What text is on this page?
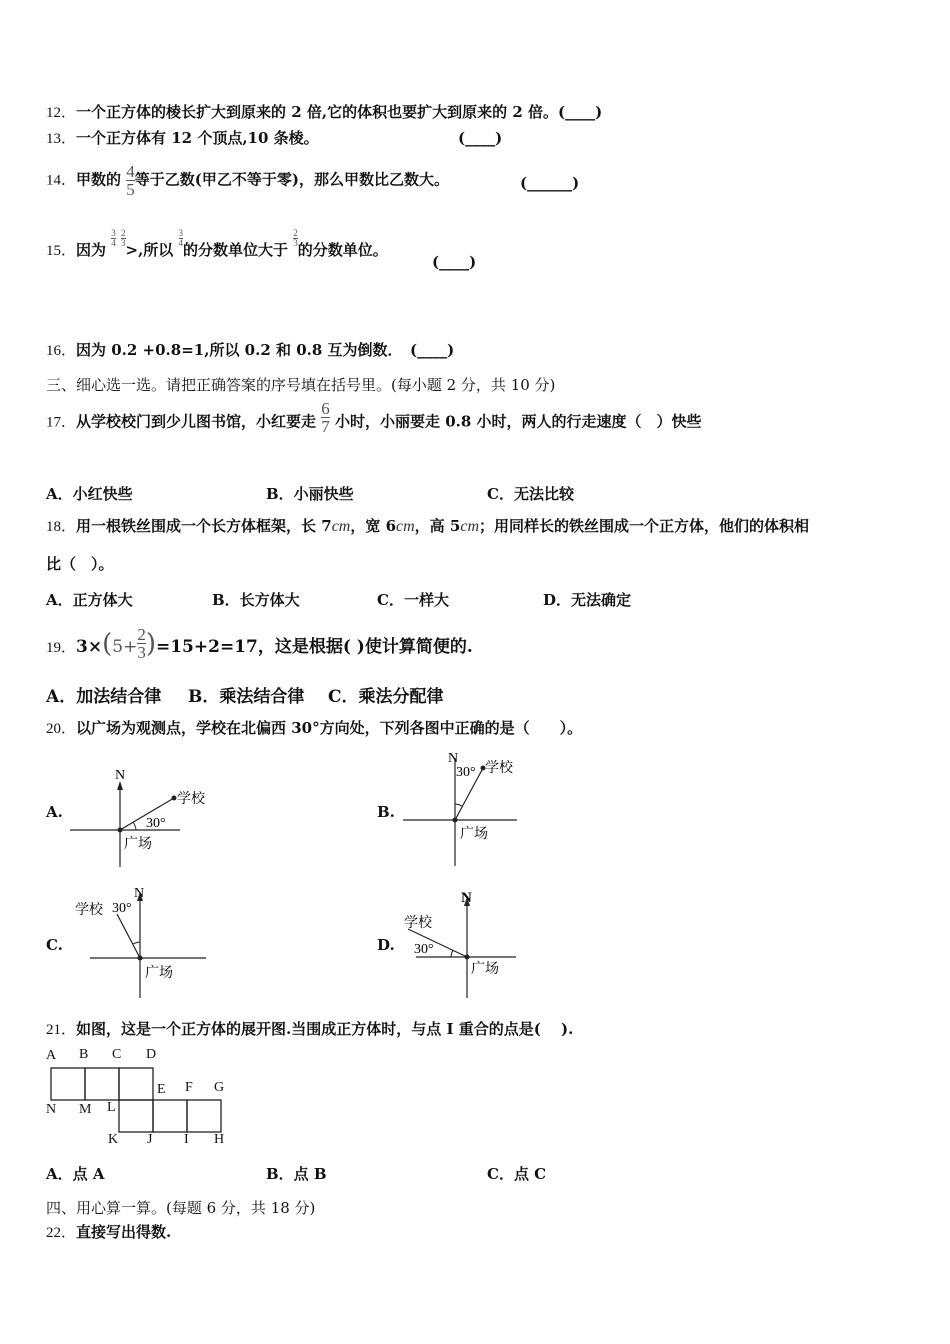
12．一个正方体的棱长扩大到原来的 2 倍,它的体积也要扩大到原来的 2 倍。(____)
13．一个正方体有 12 个顶点,10 条棱。	(____)
14．甲数的 $\frac{4}{5}$ 等于乙数(甲乙不等于零)，那么甲数比乙数大。	(______)
15．因为
$\frac{3}{4}$
$\frac{2}{3}$
>,所以
$\frac{3}{4}$
的分数单位大于
$\frac{2}{3}$
的分数单位。
(____)
16．因为 0.2 +0.8=1,所以 0.2 和 0.8 互为倒数． (____)
三、细心选一选。请把正确答案的序号填在括号里。(每小题 2 分，共 10 分)
17．从学校校门到少儿图书馆，小红要走 $\frac{6}{7}$ 小时，小丽要走 0.8 小时，两人的行走速度（　）快些
A．小红快些	B．小丽快些	C．无法比较
18．用一根铁丝围成一个长方体框架，长 7cm，宽 6cm，高 5cm；用同样长的铁丝围成一个正方体，他们的体积相
比（　）。
A．正方体大	B．长方体大	C．一样大	D．无法确定
19．$3\times(5+ \frac{2}{3} )=15+2=17$，这是根据( )使计算简便的.
A．加法结合律 B．乘法结合律 C．乘法分配律
20．以广场为观测点，学校在北偏西 30°方向处，下列各图中正确的是（　　）。
A.	B.
C.	D.
N
学校
30°
广场
N
30° 学校
广场
N
学校 30°
广场
N
学校
30°
广场
21．如图，这是一个正方体的展开图.当围成正方体时，与点 I 重合的点是(　 ).
A B C D
E F G
N M L
K J I H
A．点 A	B．点 B	C．点 C
四、用心算一算。(每题 6 分，共 18 分)
22．直接写出得数.
